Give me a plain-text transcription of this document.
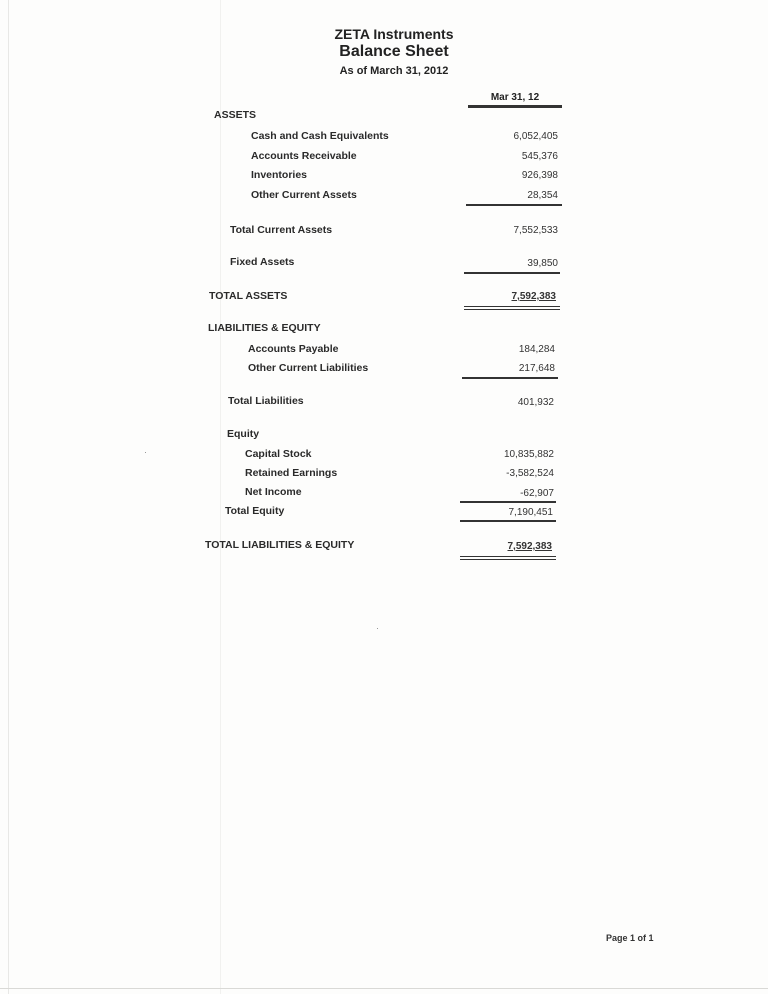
ZETA Instruments
Balance Sheet
As of March 31, 2012
Mar 31, 12
ASSETS
Cash and Cash Equivalents	6,052,405
Accounts Receivable	545,376
Inventories	926,398
Other Current Assets	28,354
Total Current Assets	7,552,533
Fixed Assets	39,850
TOTAL ASSETS	7,592,383
LIABILITIES & EQUITY
Accounts Payable	184,284
Other Current Liabilities	217,648
Total Liabilities	401,932
Equity
Capital Stock	10,835,882
Retained Earnings	-3,582,524
Net Income	-62,907
Total Equity	7,190,451
TOTAL LIABILITIES & EQUITY	7,592,383
Page 1 of 1
